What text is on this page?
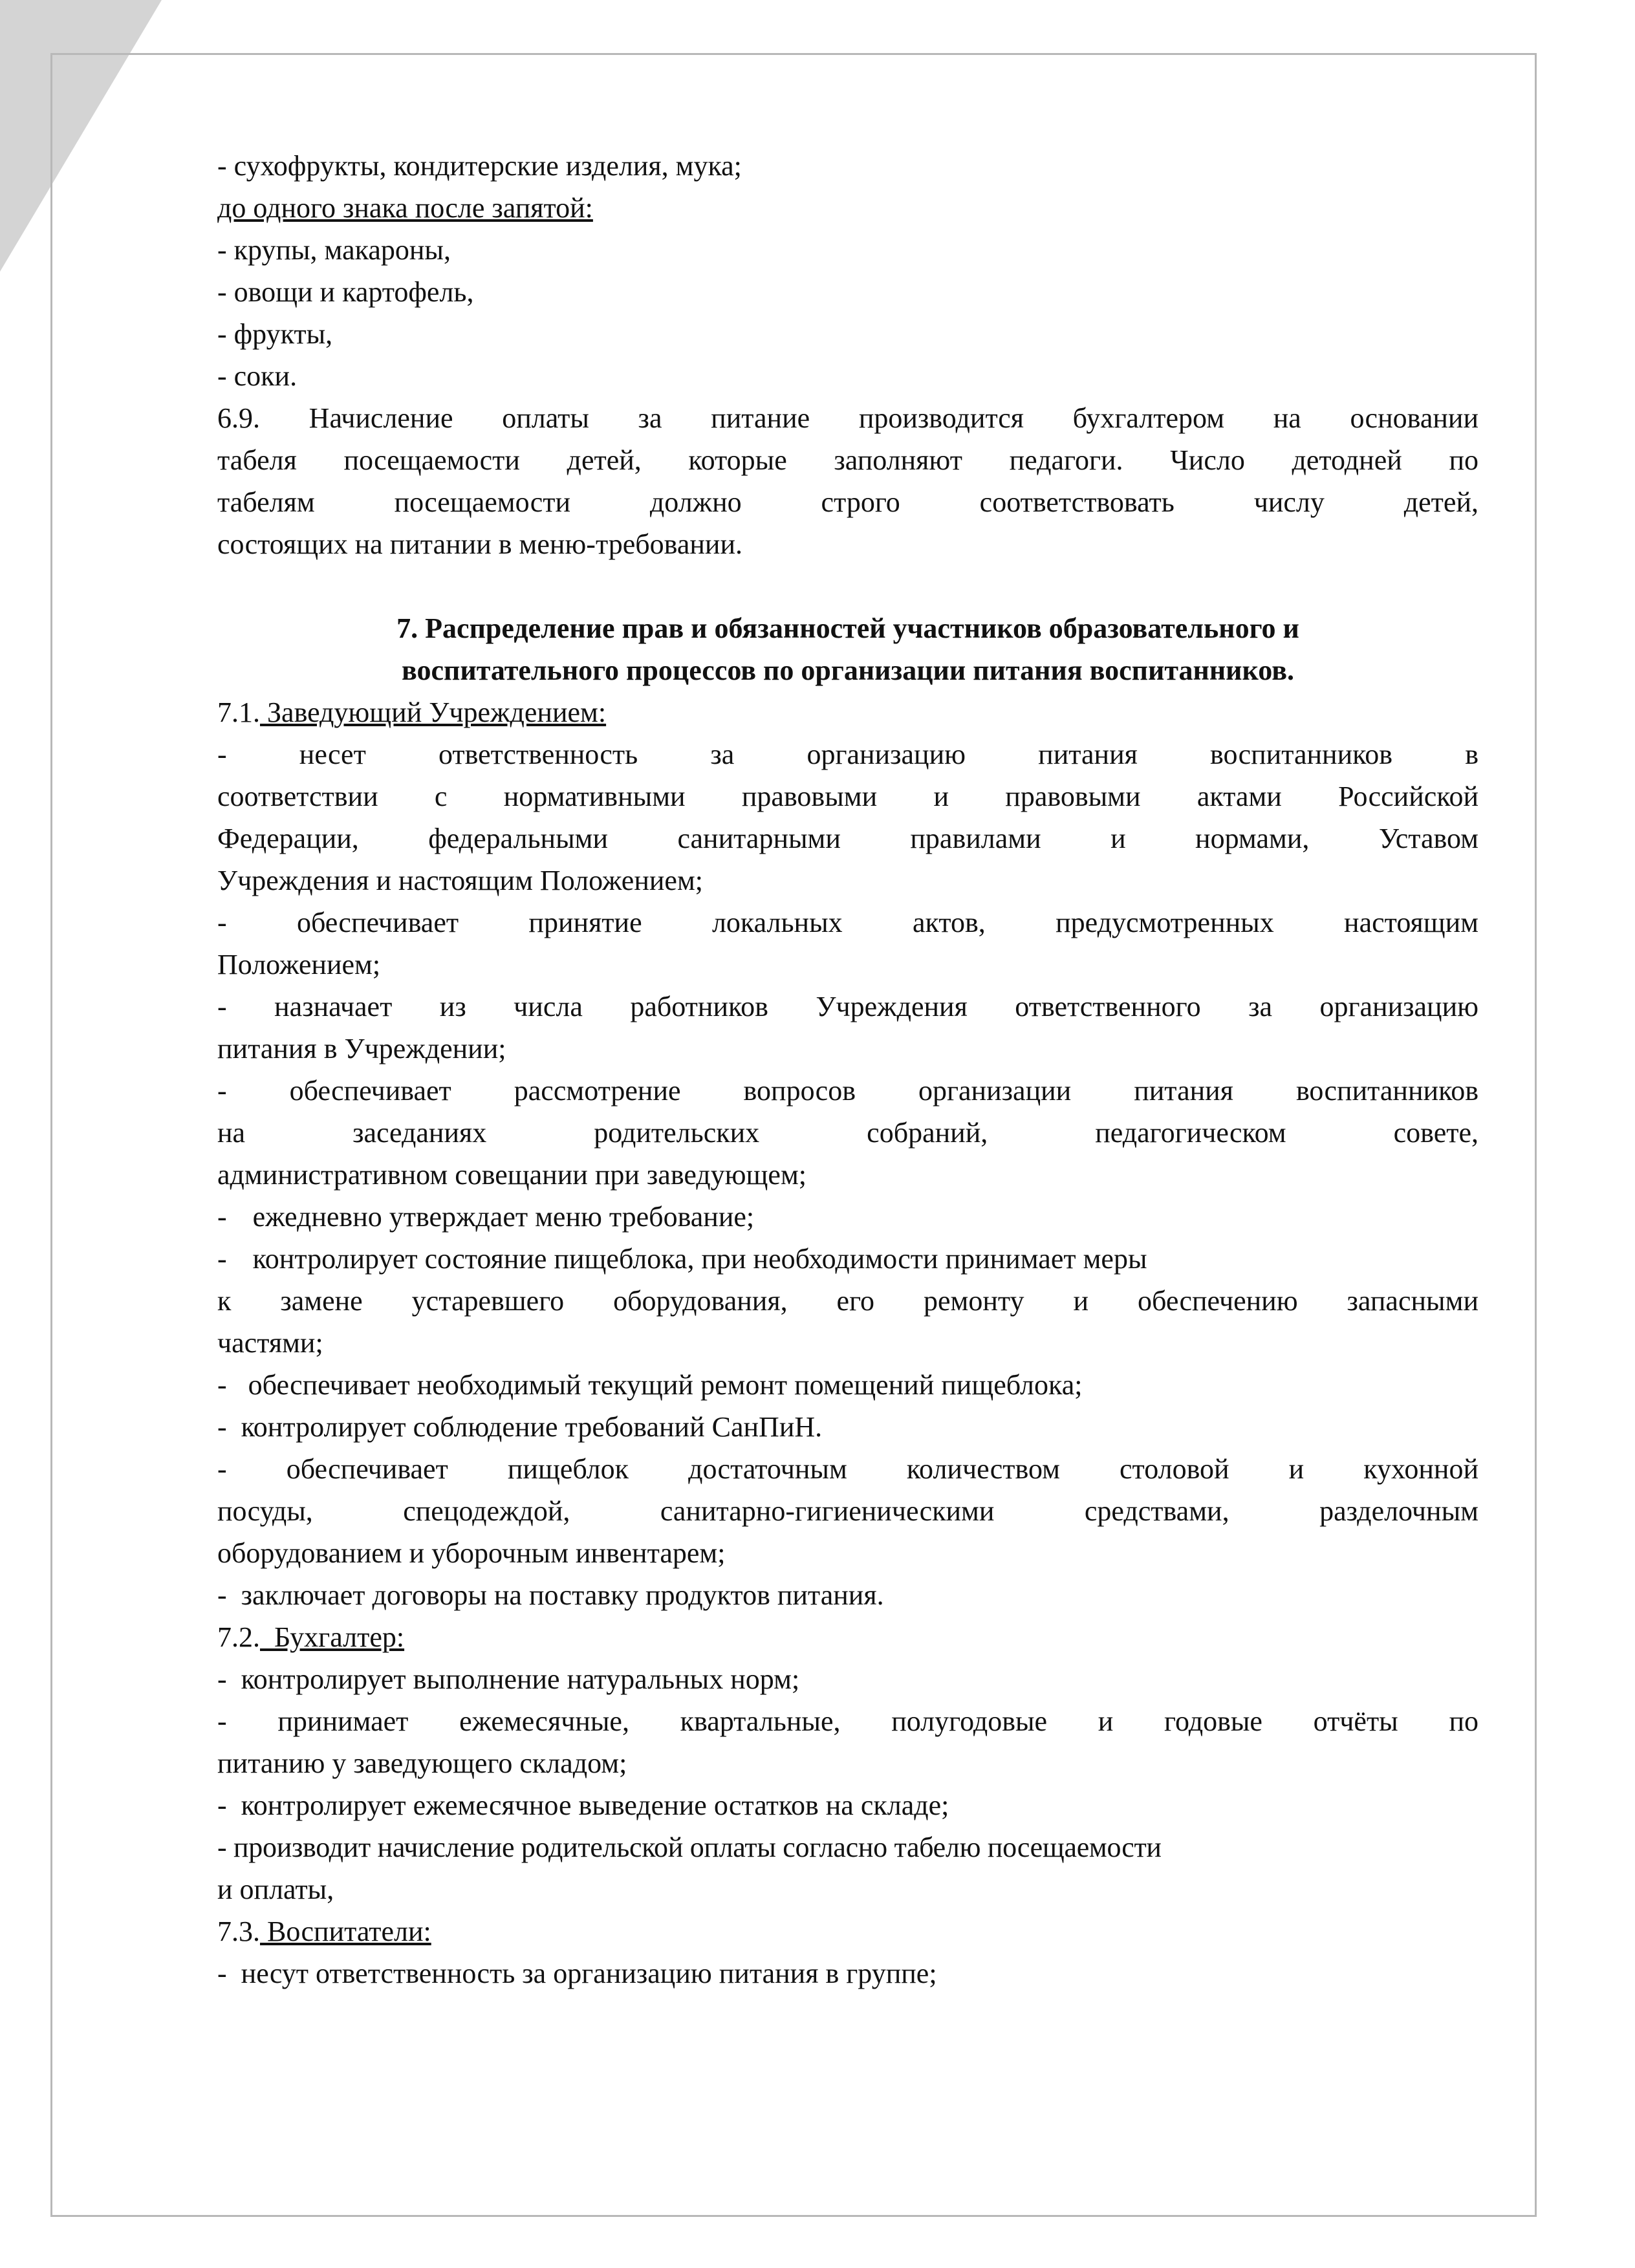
- сухофрукты, кондитерские изделия, мука;
до одного знака после запятой:
- крупы, макароны,
- овощи и картофель,
- фрукты,
- соки.
6.9. Начисление оплаты за питание производится бухгалтером на основании
табеля посещаемости детей, которые заполняют педагоги. Число детодней по
табелям посещаемости должно строго соответствовать числу детей,
состоящих на питании в меню-требовании.
7. Распределение прав и обязанностей участников образовательного и
воспитательного процессов по организации питания воспитанников.
7.1. Заведующий Учреждением:
- несет ответственность за организацию питания воспитанников в
соответствии с нормативными правовыми и правовыми актами Российской
Федерации, федеральными санитарными правилами и нормами, Уставом
Учреждения и настоящим Положением;
- обеспечивает принятие локальных актов, предусмотренных настоящим
Положением;
- назначает из числа работников Учреждения ответственного за организацию
питания в Учреждении;
- обеспечивает рассмотрение вопросов организации питания воспитанников
на заседаниях родительских собраний, педагогическом совете,
административном совещании при заведующем;
- ежедневно утверждает меню требование;
- контролирует состояние пищеблока, при необходимости принимает меры
к замене устаревшего оборудования, его ремонту и обеспечению запасными
частями;
-   обеспечивает необходимый текущий ремонт помещений пищеблока;
-  контролирует соблюдение требований СанПиН.
- обеспечивает пищеблок достаточным количеством столовой и кухонной
посуды, спецодеждой, санитарно-гигиеническими средствами, разделочным
оборудованием и уборочным инвентарем;
-  заключает договоры на поставку продуктов питания.
7.2.  Бухгалтер:
-  контролирует выполнение натуральных норм;
- принимает ежемесячные, квартальные, полугодовые и годовые отчёты по
питанию у заведующего складом;
-  контролирует ежемесячное выведение остатков на складе;
- производит начисление родительской оплаты согласно табелю посещаемости
и оплаты,
7.3. Воспитатели:
-  несут ответственность за организацию питания в группе;
